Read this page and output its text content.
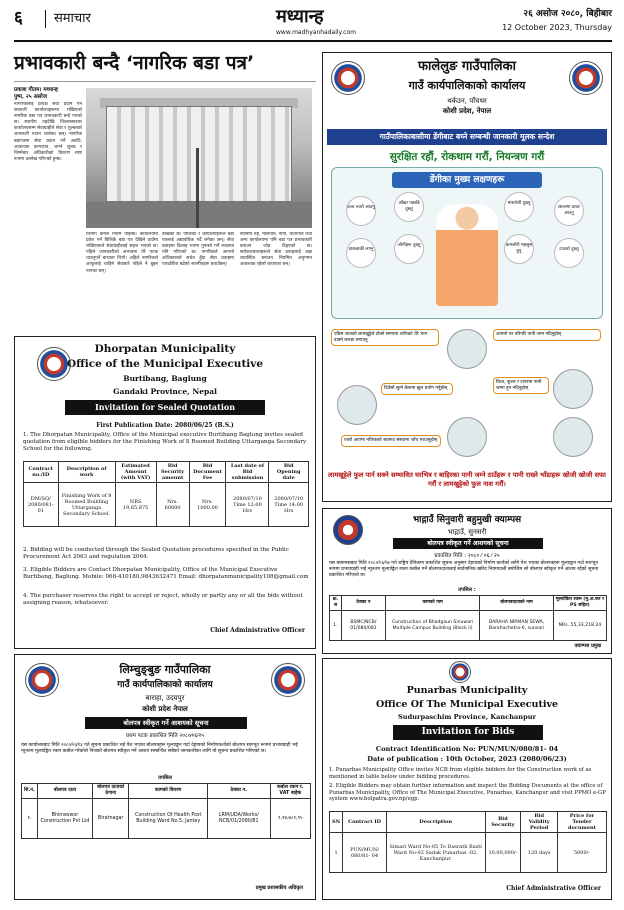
६ समाचार	मध्यान्ह
www.madhyanhadaily.com
२६ असोज २०८०, बिहीबार
12 October 2023, Thursday
प्रभावकारी बन्दै ‘नागरिक बडा पत्र’
प्रकाश गौतम। मध्यान्ह
पुष्प, २५ असोज
नागरिकलाई प्रत्यक्ष सेवा प्रदान गर्ने सरकारी कार्यालयहरूमा राखिएको नागरिक बडा पत्र प्रभावकारी बन्दै गएको छ। स्थानीय तहदेखि जिल्लास्तरका कार्यालयसम्म सेवाग्राहीले सेवा र शुल्कबारे जानकारी पाउन थालेका छन्। नागरिक बडापत्रमा सेवा प्रदान गर्ने अवधि, आवश्यक कागजात, लाग्ने शुल्क र जिम्मेवार अधिकारीको विवरण स्पष्ट रूपमा उल्लेख गरिएको हुन्छ।
विभाग कमैले नियमै पाइन्छ। कार्यालयमा प्रवेश गर्ने बित्तिकै बडा पत्र देखिने ठाउँमा राखिएकाले सेवाग्राहीलाई सहज भएको छ। पहिले जानकारीको अभावमा धेरै पटक धाउनुपर्ने बाध्यता थियो। अहिले नागरिकले आफूलाई चाहिने सेवाबारे पहिले नै बुझ्न पाएका छन्।
बाखर्को छ। पालिका र कार्यालयहरूले बडा पत्रलाई अद्यावधिक गर्दै लगेका छन्। सेवा प्रवाहमा ढिलाइ भएमा गुनासो गर्ने व्यवस्था पनि गरिएको छ। नागरिकले आफ्नो अधिकारबारे सचेत हुँदा सेवा प्रवाहमा पारदर्शिता बढेको स्थानीयहरू बताउँछन्।
स्थानीय तह, मालपोत, नापी, यातायात तथा अन्य कार्यालयमा पनि बडा पत्र प्रभावकारी बनाउन जोड दिइएको छ। सरोकारवालाहरूले सेवा प्रवाहलाई अझ व्यवस्थित बनाउन नियमित अनुगमन आवश्यक रहेको बताएका छन्।
फालेलुङ गाउँपालिका
गाउँ कार्यपालिकाको कार्यालय
थर्कउन, पाँचथर
कोशी प्रदेश, नेपाल
गाउँपालिकाबासीमा डेंगीबाट बच्ने सम्बन्धी जानकारी मूलक सन्देश
सुरक्षित रहौं, रोकथाम गरौं, नियन्त्रण गरौं
डेंगीका मुख्य लक्षणहरू
उच्च ज्वरो आउनु
आँखा पछाडि दुख्नु
वाकवाकी लाग्नु
जोर्नीहरू दुख्नु
मांसपेशी दुख्नु
छालामा डावर आउनु
कमजोरी महसुस हुनु	टाउको दुख्नु
एडिस जातको लामखुट्टेले टोक्ने समयमा शरीरको धेरै भाग ढाक्ने कपडा लगाउनु
आफ्नो घर वरिपरि पानी जम्न नदिनुहोस्
दिउँसो सुत्ने बेलामा झुल प्रयोग गर्नुहोस्
फ्रिज, कूलर र टायरमा पानी जम्मा हुन नदिनुहोस्
ज्वरो आएमा नजिकको स्वास्थ्य संस्थामा जाँच गराउनुहोस्
लामखुट्टेले फुल पार्न सक्ने सम्भावित घरभित्र र बाहिरका पानी जम्ने ठाउँहरू र पानी राख्ने भाँडाहरू खोजी खोजी सफा गरौं र लामखुट्टेको फुल नाश गरौं।
Dhorpatan Municipality
Office of the Municipal Executive
Burtibang, Baglung
Gandaki Province, Nepal
Invitation for Sealed Quotation
First Publication Date: 2080/06/25 (B.S.)
1. The Dhorpatan Municipality, Office of the Municipal executive Burtibang Baglung invites sealed quotation from eligible bidders for the Finishing Work of 8 Roomed Building Uttarganga Secondary School for the following.
Contract no./ID	Description of work	Estimated Amount (with VAT)	Bid Security amount	Bid Document Fee	Last date of Bid submission	Bid Opening date
DM/SQ/ 2080/081-01	Finishing Work of 8 Roomed Building Uttarganga Secondary School.	NRS 19,65,875	Nrs. 60000	Nrs. 1000.00	2080/07/10 Time 12:00 Hrs	2080/07/10 Time 14:00 Hrs
2. Bidding will be conducted through the Sealed Quotation procedures specified in the Public Procurement Act 2063 and regulation 2064.
3. Eligible Bidders are Contact Dhorpatan Municipality, Office of the Municipal Executive Burtibang, Baglung. Mobile: 068-410180,9843632471 Email: dhorpatanmunicipality108@gmail.com
4. The purchaser reserves the right to accept or reject, wholly or partly any or all the bids without assigning reason, whatsoever.
Chief Administrative Officer
भाद्गाउँ सिनुवारी बहुमुखी क्याम्पस
भाद्गाउँ, सुनसरी
बोलपत्र स्वीकृत गर्ने आशयको सूचना
प्रकाशित मिति : २०८० ⁄ ०६ ⁄ २५
यस क्याम्पसबाट मिति २०८०⁄०६⁄०७ गते राष्ट्रिय दैनिकमा प्रकाशित सूचना अनुसार देहायको निर्माण कार्यको लागि पेश भएका बोलपत्रहरू मूल्याङ्कन गर्दा सारभूत रूपमा प्रभावग्राही भई न्यूनतम मूल्याङ्कित रकम कबोल गर्ने बोलपत्रदातालाई सार्वजनिक खरिद नियमावली बमोजिम सो बोलपत्र स्वीकृत गर्ने आशय रहेको सूचना प्रकाशित गरिएको छ।
तपसिल :
क्र. स	ठेक्का न	कामको नाम	बोलपत्रदाताको नाम	मूल्यांकित रकम (मु.अ.कर र PS सहित)
1.	BSMC/NCB/ 01/080/081	Construction of Bhadgaun Sinuwari Multiple Campus Building (Block ii)	BARAHA NIRMAN SEWA, Barahachetra-6, sunsari	NRs. 55,33,218.24
क्याम्पस प्रमुख
लिम्चुङ्बुङ गाउँपालिका
गाउँ कार्यपालिकाको कार्यालय
बाराहा, उदयपुर
कोशी प्रदेश नेपाल
बोलपत्र स्वीकृत गर्ने आशयको सूचना
प्रथम पटक प्रकाशित मिति २०८०⁄०६⁄२५
यस कार्यालयबाट मिति २०८०⁄०६⁄१३ गते सूचना प्रकाशित भई पेश भएका बोलपत्रहरू मूल्याङ्कन गर्दा देहायको निर्माणकर्ताको बोलपत्र सारभूत रूपमा प्रभावग्राही भई न्यूनतम मूल्याङ्कित रकम कबोल गरेकोले निजको बोलपत्र स्वीकृत गर्ने आशय सम्बन्धित सबैको जानकारीका लागि यो सूचना प्रकाशित गरिएको छ।
तपसिल
सि.न.	बोलपत्र दाता	बोलपत्र दाताको ठेगाना	कामको विवरण	ठेक्का न.	कबोल रकम र. VAT बाहेक
१.	Bhimeswor Construction Pvt Ltd	Biratnagar	Construction Of Health Post Building Ward No.5, Jantey	LRM/UDA/Works/ NCB/01/2080/81	९,१७,७८१,९५
प्रमुख प्रशासकीय अधिकृत
Punarbas Municipality
Office Of The Municipal Executive
Sudurpaschim Province, Kanchanpur
Invitation for Bids
Contract Identification No: PUN/MUN/080/81- 04
Date of publication : 10th October, 2023 (2080/06/23)
1. Punarbas Municipality Office invites NCB from eligible bidders for the Construction work of as mentioned in table below under bidding procedures.
2. Eligible Bidders may obtain further information and inspect the Bidding Documents at the office of Punarbas Municipality, Office of The Municipal Executive, Punarbas, Kanchanpur and visit PPMO e-GP system www.bolpatra.gov.np/egp.
SN	Contract ID	Description	Bid Security	Bid Validity Period	Price for Tender document
1	PUN/MUN/ 080/81- 04	Simari Ward No-05 To Dasrath Basti Ward No-02 Sadak Punarbas -02, Kanchanpur.	10,00,000/-	120 days	5000/-
Chief Administrative Officer
